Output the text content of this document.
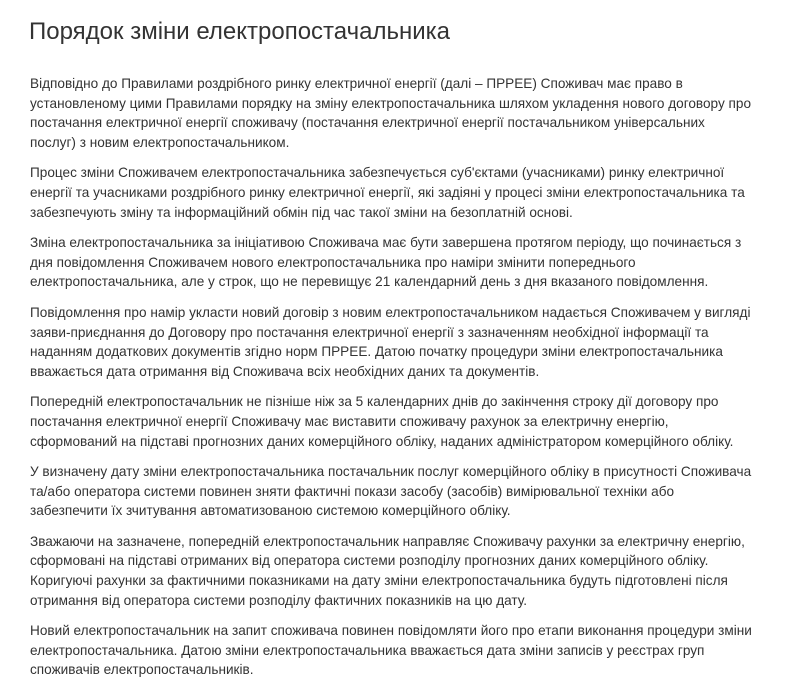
Порядок зміни електропостачальника

Відповідно до Правилами роздрібного ринку електричної енергії (далі – ПРРЕЕ) Споживач має право в
установленому цими Правилами порядку на зміну електропостачальника шляхом укладення нового договору про
постачання електричної енергії споживачу (постачання електричної енергії постачальником універсальних
послуг) з новим електропостачальником.

Процес зміни Споживачем електропостачальника забезпечується суб'єктами (учасниками) ринку електричної
енергії та учасниками роздрібного ринку електричної енергії, які задіяні у процесі зміни електропостачальника та
забезпечують зміну та інформаційний обмін під час такої зміни на безоплатній основі.

Зміна електропостачальника за ініціативою Споживача має бути завершена протягом періоду, що починається з
дня повідомлення Споживачем нового електропостачальника про наміри змінити попереднього
електропостачальника, але у строк, що не перевищує 21 календарний день з дня вказаного повідомлення.

Повідомлення про намір укласти новий договір з новим електропостачальником надається Споживачем у вигляді
заяви-приєднання до Договору про постачання електричної енергії з зазначенням необхідної інформації та
наданням додаткових документів згідно норм ПРРЕЕ. Датою початку процедури зміни електропостачальника
вважається дата отримання від Споживача всіх необхідних даних та документів.

Попередній електропостачальник не пізніше ніж за 5 календарних днів до закінчення строку дії договору про
постачання електричної енергії Споживачу має виставити споживачу рахунок за електричну енергію,
сформований на підставі прогнозних даних комерційного обліку, наданих адміністратором комерційного обліку.

У визначену дату зміни електропостачальника постачальник послуг комерційного обліку в присутності Споживача
та/або оператора системи повинен зняти фактичні покази засобу (засобів) вимірювальної техніки або
забезпечити їх зчитування автоматизованою системою комерційного обліку.

Зважаючи на зазначене, попередній електропостачальник направляє Споживачу рахунки за електричну енергію,
сформовані на підставі отриманих від оператора системи розподілу прогнозних даних комерційного обліку.
Коригуючі рахунки за фактичними показниками на дату зміни електропостачальника будуть підготовлені після
отримання від оператора системи розподілу фактичних показників на цю дату.

Новий електропостачальник на запит споживача повинен повідомляти його про етапи виконання процедури зміни
електропостачальника. Датою зміни електропостачальника вважається дата зміни записів у реєстрах груп
споживачів електропостачальників.
